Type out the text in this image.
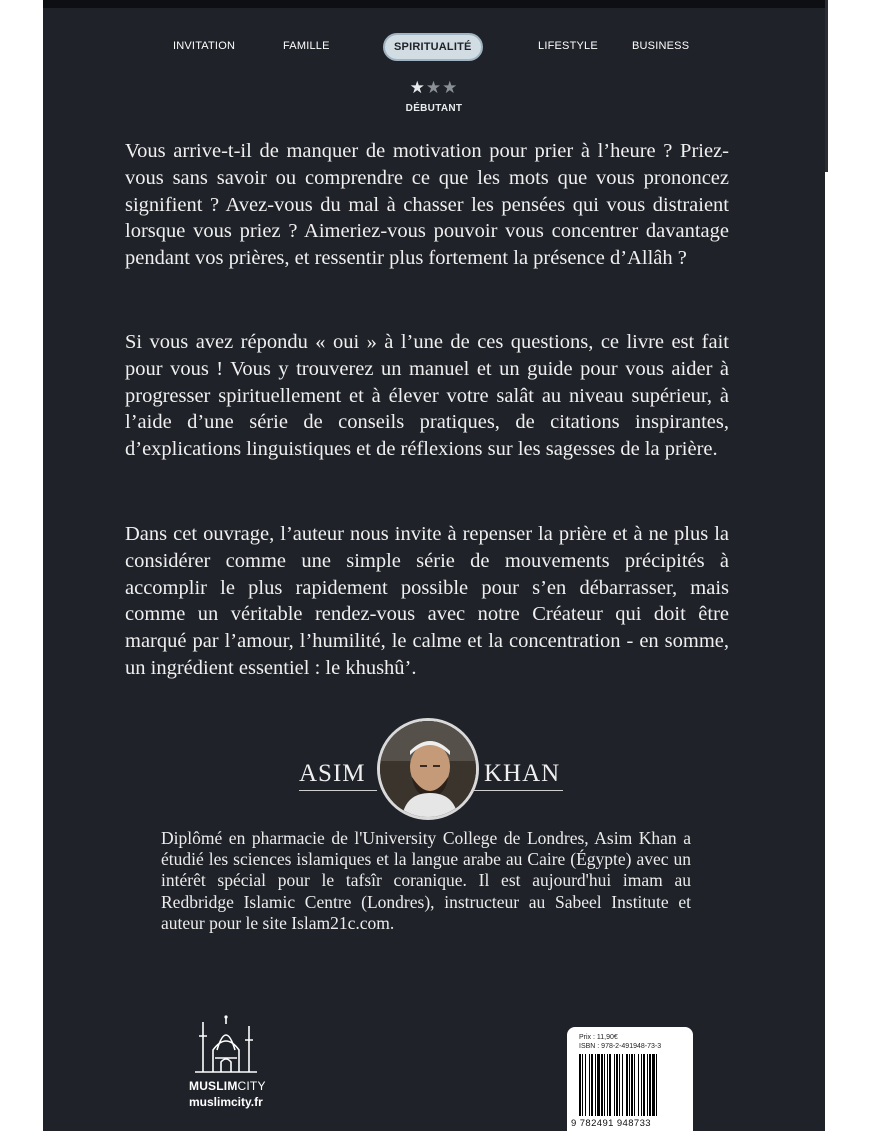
INVITATION	FAMILLE	SPIRITUALITÉ	LIFESTYLE	BUSINESS
★★★
DÉBUTANT

Vous arrive-t-il de manquer de motivation pour prier à l’heure ? Priez-vous sans savoir ou comprendre ce que les mots que vous prononcez signifient ? Avez-vous du mal à chasser les pensées qui vous distraient lorsque vous priez ? Aimeriez-vous pouvoir vous concentrer davantage pendant vos prières, et ressentir plus fortement la présence d’Allâh ?

Si vous avez répondu « oui » à l’une de ces questions, ce livre est fait pour vous ! Vous y trouverez un manuel et un guide pour vous aider à progresser spirituellement et à élever votre salât au niveau supérieur, à l’aide d’une série de conseils pratiques, de citations inspirantes, d’explications linguistiques et de réflexions sur les sagesses de la prière.

Dans cet ouvrage, l’auteur nous invite à repenser la prière et à ne plus la considérer comme une simple série de mouvements précipités à accomplir le plus rapidement possible pour s’en débarrasser, mais comme un véritable rendez-vous avec notre Créateur qui doit être marqué par l’amour, l’humilité, le calme et la concentration - en somme, un ingrédient essentiel : le khushû’.

ASIM	KHAN

Diplômé en pharmacie de l'University College de Londres, Asim Khan a étudié les sciences islamiques et la langue arabe au Caire (Égypte) avec un intérêt spécial pour le tafsîr coranique. Il est aujourd'hui imam au Redbridge Islamic Centre (Londres), instructeur au Sabeel Institute et auteur pour le site Islam21c.com.

MUSLIMCITY
muslimcity.fr
Prix : 11,90€
ISBN : 978-2-491948-73-3
9 782491 948733
